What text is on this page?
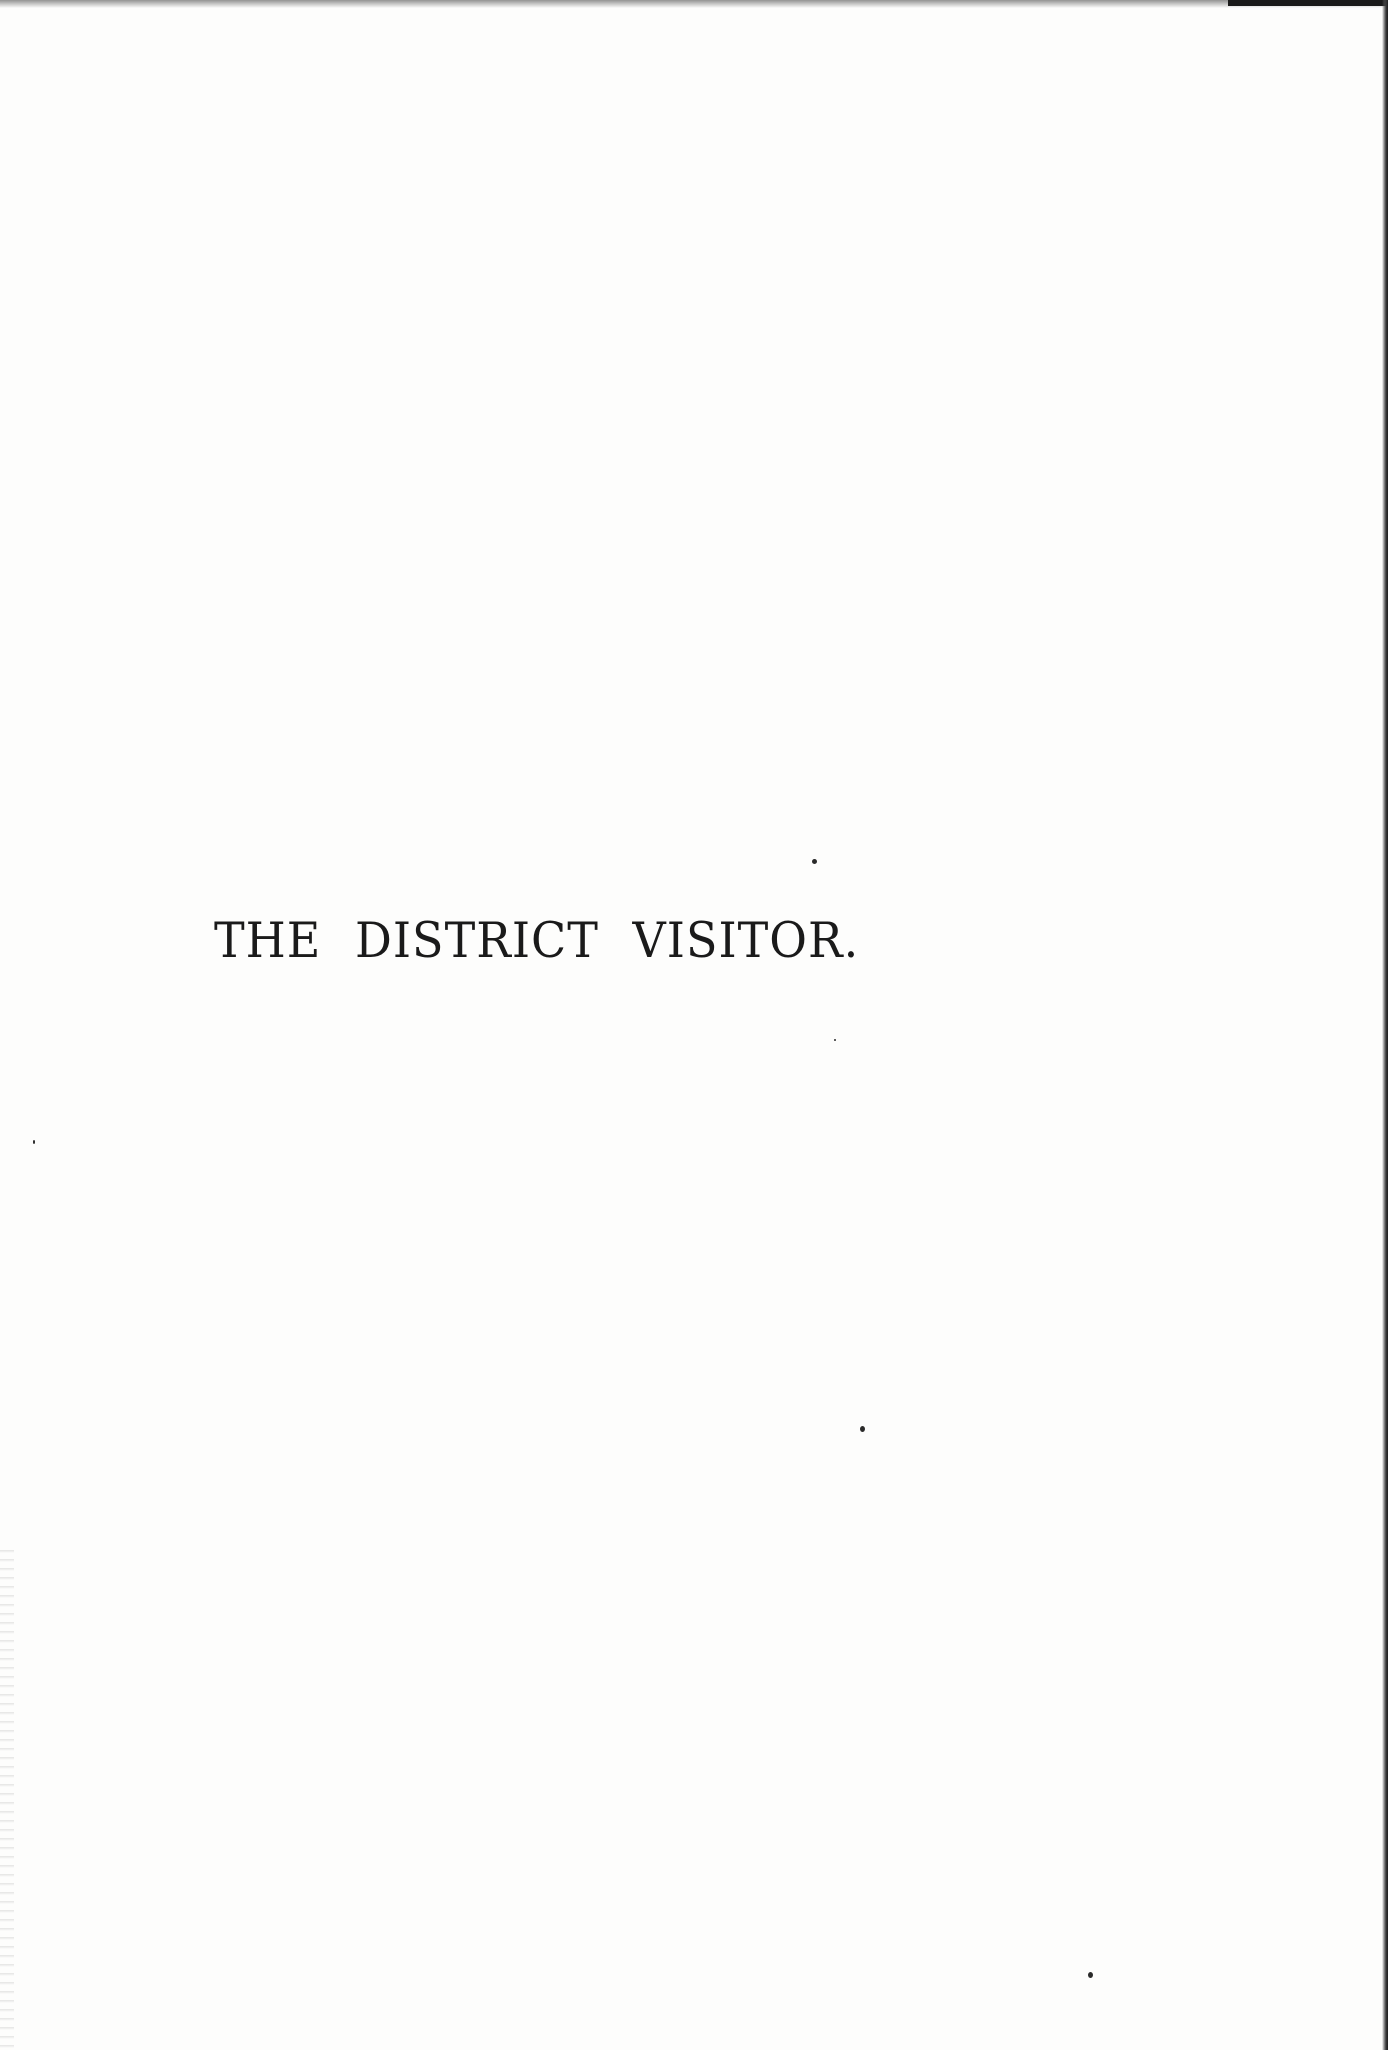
THE DISTRICT VISITOR.
